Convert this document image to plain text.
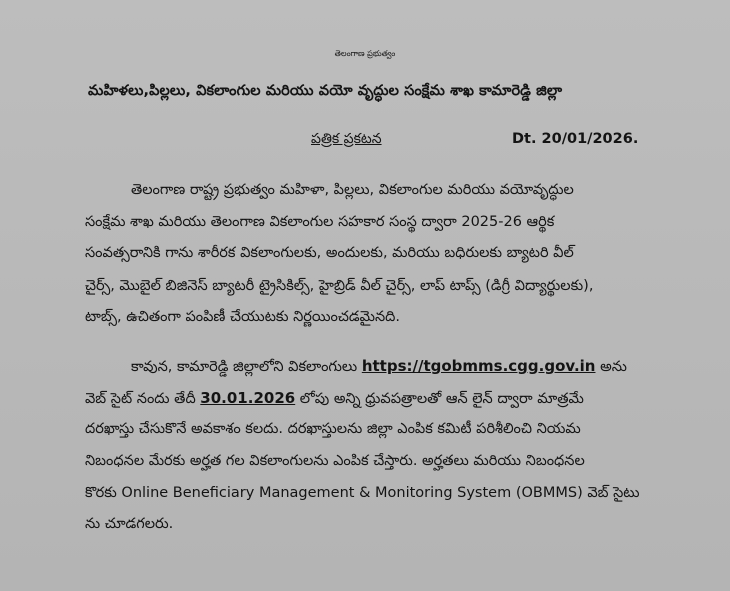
తెలంగాణ ప్రభుత్వం
మహిళలు,పిల్లలు, వికలాంగుల మరియు వయో వృద్ధుల సంక్షేమ శాఖ కామారెడ్డి జిల్లా
పత్రిక ప్రకటన	Dt. 20/01/2026.
తెలంగాణ రాష్ట్ర ప్రభుత్వం మహిళా, పిల్లలు, వికలాంగుల మరియు వయోవృద్ధుల
సంక్షేమ శాఖ మరియు తెలంగాణ వికలాంగుల సహకార సంస్థ ద్వారా 2025-26 ఆర్థిక
సంవత్సరానికి గాను శారీరక వికలాంగులకు, అందులకు, మరియు బధిరులకు బ్యాటరి వీల్
చైర్స్, మొబైల్ బిజినెస్ బ్యాటరీ ట్రైసికిల్స్, హైబ్రిడ్ వీల్ చైర్స్, లాప్ టాప్స్ (డిగ్రీ విద్యార్థులకు),
టాబ్స్, ఉచితంగా పంపిణీ చేయుటకు నిర్ణయించడమైనది.
కావున, కామారెడ్డి జిల్లాలోని వికలాంగులు https://tgobmms.cgg.gov.in అను
వెబ్ సైట్ నందు తేదీ 30.01.2026 లోపు అన్ని ధ్రువపత్రాలతో ఆన్ లైన్ ద్వారా మాత్రమే
దరఖాస్తు చేసుకొనే అవకాశం కలదు. దరఖాస్తులను జిల్లా ఎంపిక కమిటీ పరిశీలించి నియమ
నిబంధనల మేరకు అర్హత గల వికలాంగులను ఎంపిక చేస్తారు. అర్హతలు మరియు నిబంధనల
కొరకు Online Beneficiary Management & Monitoring System (OBMMS) వెబ్ సైటు
ను చూడగలరు.
